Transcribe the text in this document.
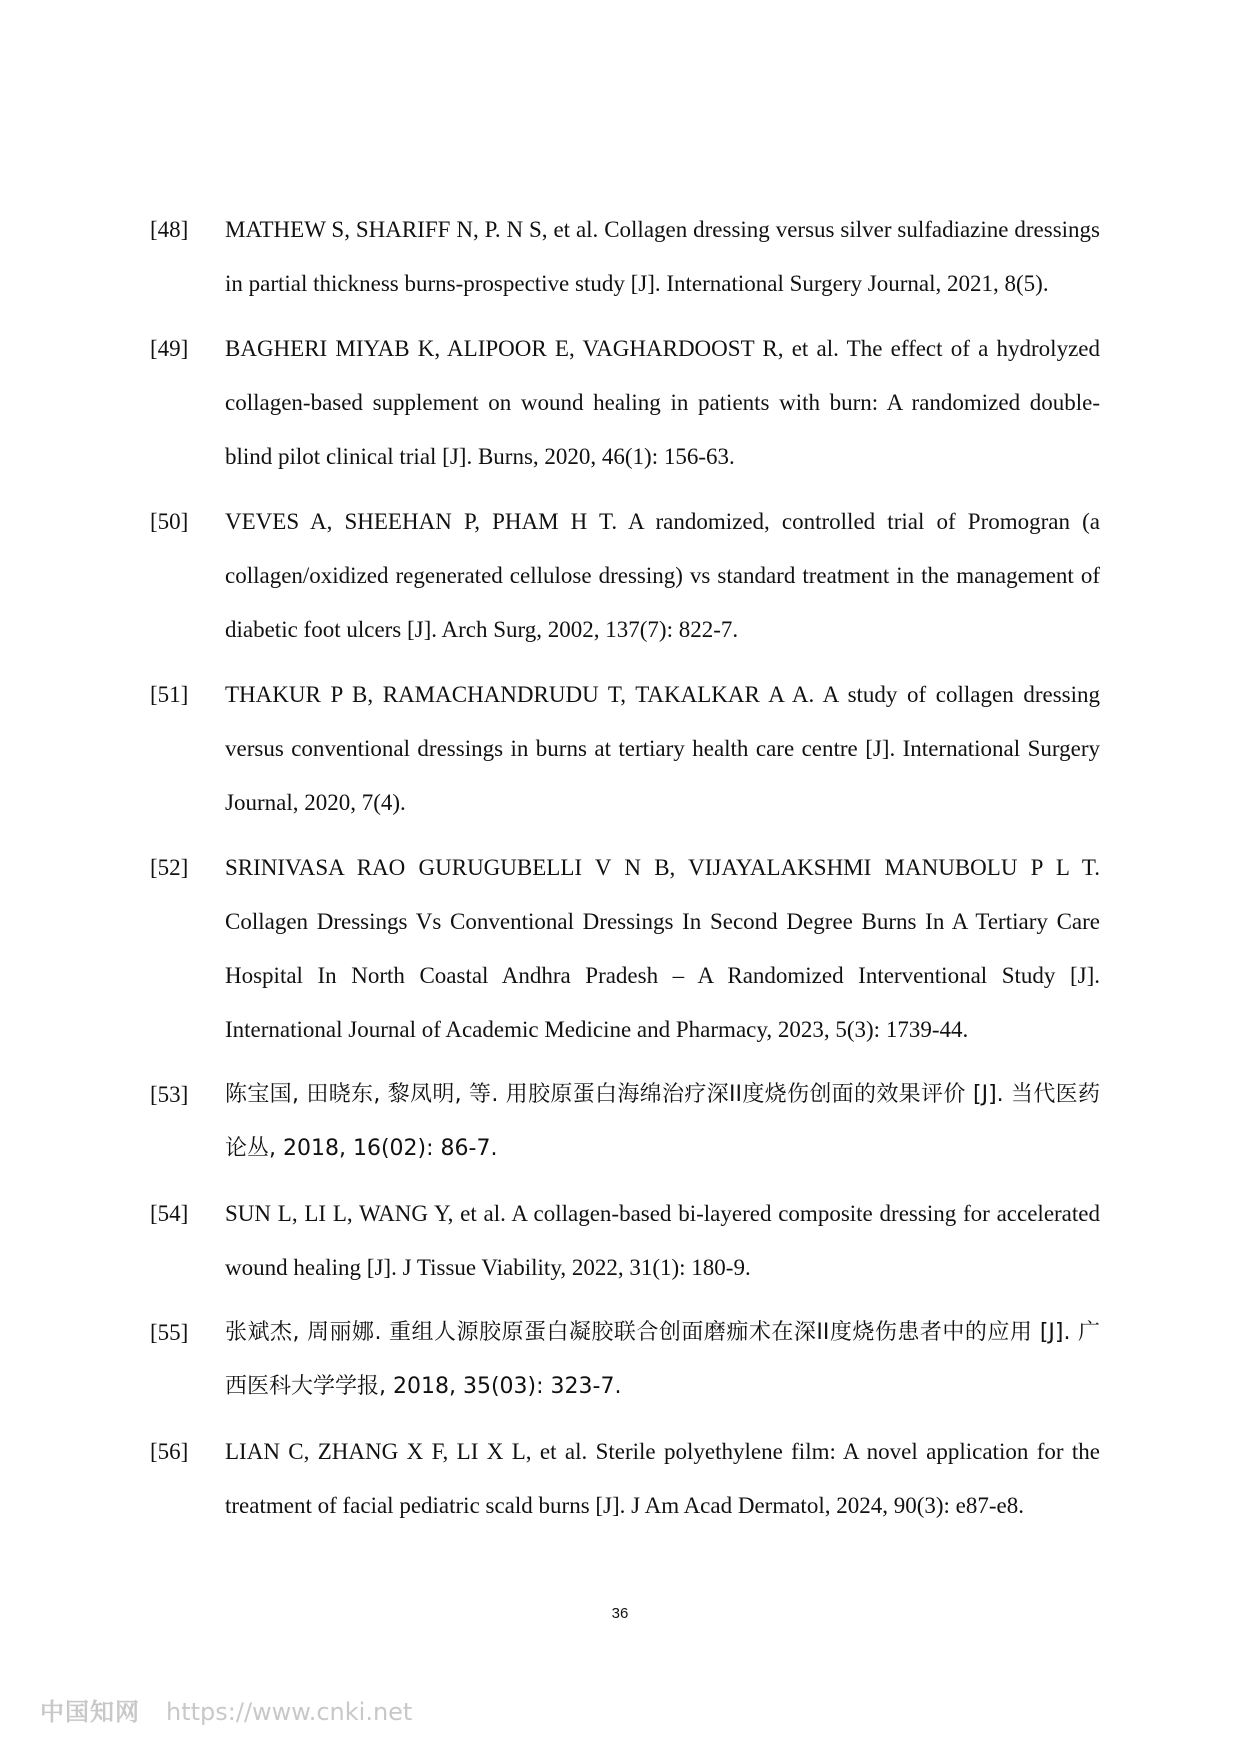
[48]	MATHEW S, SHARIFF N, P. N S, et al. Collagen dressing versus silver sulfadiazine dressings in partial thickness burns-prospective study [J]. International Surgery Journal, 2021, 8(5).
[49]	BAGHERI MIYAB K, ALIPOOR E, VAGHARDOOST R, et al. The effect of a hydrolyzed collagen-based supplement on wound healing in patients with burn: A randomized double-blind pilot clinical trial [J]. Burns, 2020, 46(1): 156-63.
[50]	VEVES A, SHEEHAN P, PHAM H T. A randomized, controlled trial of Promogran (a collagen/oxidized regenerated cellulose dressing) vs standard treatment in the management of diabetic foot ulcers [J]. Arch Surg, 2002, 137(7): 822-7.
[51]	THAKUR P B, RAMACHANDRUDU T, TAKALKAR A A. A study of collagen dressing versus conventional dressings in burns at tertiary health care centre [J]. International Surgery Journal, 2020, 7(4).
[52]	SRINIVASA RAO GURUGUBELLI V N B, VIJAYALAKSHMI MANUBOLU P L T. Collagen Dressings Vs Conventional Dressings In Second Degree Burns In A Tertiary Care Hospital In North Coastal Andhra Pradesh – A Randomized Interventional Study [J]. International Journal of Academic Medicine and Pharmacy, 2023, 5(3): 1739-44.
[53]	陈宝国, 田晓东, 黎凤明, 等. 用胶原蛋白海绵治疗深II度烧伤创面的效果评价 [J]. 当代医药论丛, 2018, 16(02): 86-7.
[54]	SUN L, LI L, WANG Y, et al. A collagen-based bi-layered composite dressing for accelerated wound healing [J]. J Tissue Viability, 2022, 31(1): 180-9.
[55]	张斌杰, 周丽娜. 重组人源胶原蛋白凝胶联合创面磨痂术在深II度烧伤患者中的应用 [J]. 广西医科大学学报, 2018, 35(03): 323-7.
[56]	LIAN C, ZHANG X F, LI X L, et al. Sterile polyethylene film: A novel application for the treatment of facial pediatric scald burns [J]. J Am Acad Dermatol, 2024, 90(3): e87-e8.
36
中国知网 https://www.cnki.net
